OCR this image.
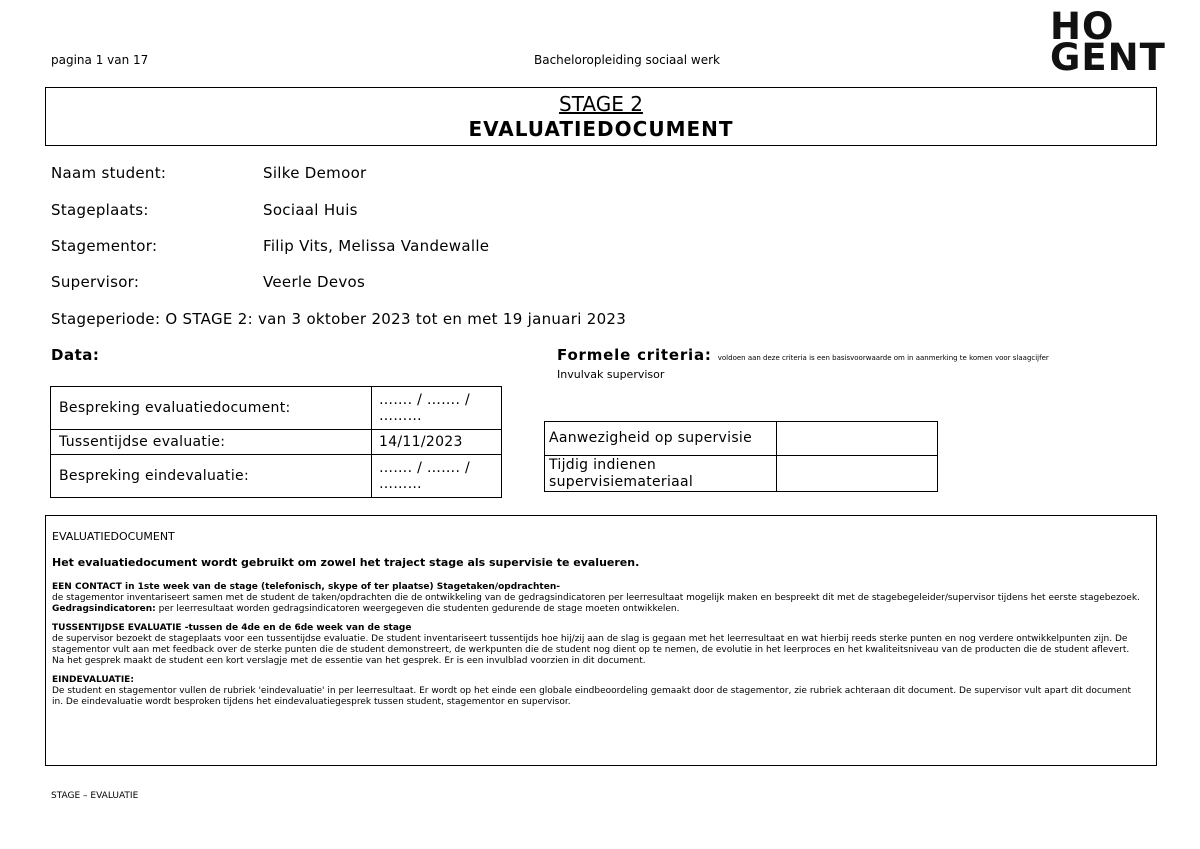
pagina 1 van 17	Bacheloropleiding sociaal werk
HO
GENT
STAGE 2
EVALUATIEDOCUMENT
Naam student:	Silke Demoor
Stageplaats:	Sociaal Huis
Stagementor:	Filip Vits, Melissa Vandewalle
Supervisor:	Veerle Devos
Stageperiode: O STAGE 2: van 3 oktober 2023 tot en met 19 januari 2023
Data:
Bespreking evaluatiedocument:	……. / ……. / ………
Tussentijdse evaluatie:	14/11/2023
Bespreking eindevaluatie:	……. / ……. / ………
Formele criteria: voldoen aan deze criteria is een basisvoorwaarde om in aanmerking te komen voor slaagcijfer
Invulvak supervisor
Aanwezigheid op supervisie	
Tijdig indienen supervisiemateriaal	

EVALUATIEDOCUMENT

Het evaluatiedocument wordt gebruikt om zowel het traject stage als supervisie te evalueren.

EEN CONTACT in 1ste week van de stage (telefonisch, skype of ter plaatse) Stagetaken/opdrachten-
de stagementor inventariseert samen met de student de taken/opdrachten die de ontwikkeling van de gedragsindicatoren per leerresultaat mogelijk maken en bespreekt dit met de stagebegeleider/supervisor tijdens het eerste stagebezoek. Gedragsindicatoren: per leerresultaat worden gedragsindicatoren weergegeven die studenten gedurende de stage moeten ontwikkelen.

TUSSENTIJDSE EVALUATIE -tussen de 4de en de 6de week van de stage
de supervisor bezoekt de stageplaats voor een tussentijdse evaluatie. De student inventariseert tussentijds hoe hij/zij aan de slag is gegaan met het leerresultaat en wat hierbij reeds sterke punten en nog verdere ontwikkelpunten zijn. De stagementor vult aan met feedback over de sterke punten die de student demonstreert, de werkpunten die de student nog dient op te nemen, de evolutie in het leerproces en het kwaliteitsniveau van de producten die de student aflevert.
Na het gesprek maakt de student een kort verslagje met de essentie van het gesprek. Er is een invulblad voorzien in dit document.

EINDEVALUATIE:
De student en stagementor vullen de rubriek 'eindevaluatie' in per leerresultaat. Er wordt op het einde een globale eindbeoordeling gemaakt door de stagementor, zie rubriek achteraan dit document. De supervisor vult apart dit document in. De eindevaluatie wordt besproken tijdens het eindevaluatiegesprek tussen student, stagementor en supervisor.

STAGE – EVALUATIE
